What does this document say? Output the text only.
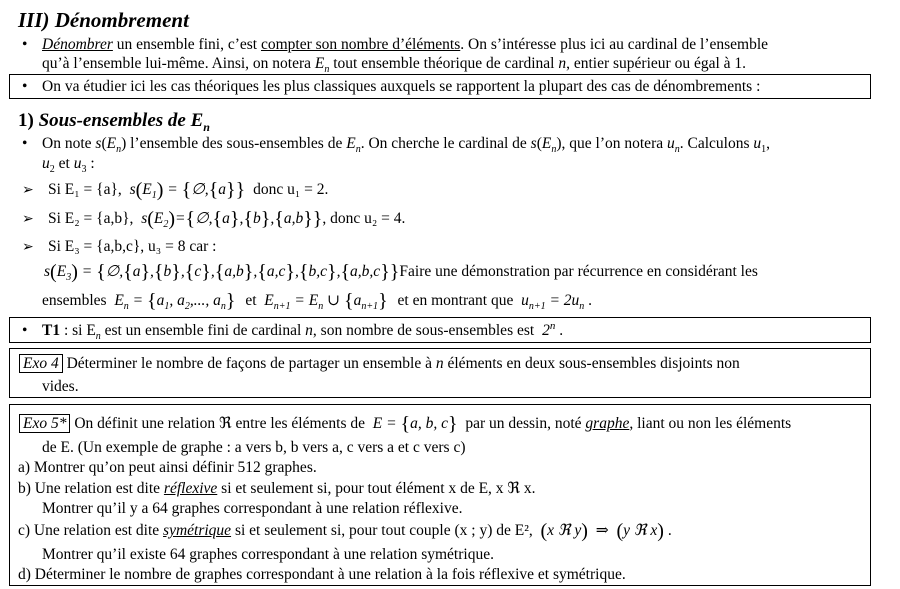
III) Dénombrement
• Dénombrer un ensemble fini, c’est compter son nombre d’éléments. On s’intéresse plus ici au cardinal de l’ensemble
qu’à l’ensemble lui-même. Ainsi, on notera $E_n$ tout ensemble théorique de cardinal n, entier supérieur ou égal à 1.
• On va étudier ici les cas théoriques les plus classiques auxquels se rapportent la plupart des cas de dénombrements :
1) Sous-ensembles de $E_n$
• On note $s(E_n)$ l’ensemble des sous-ensembles de $E_n$. On cherche le cardinal de $s(E_n)$, que l’on notera $u_n$. Calculons $u_1$,
$u_2$ et $u_3$ :
➢ Si E₁ = {a},  $s(E_1)$ = {∅,{a}} donc u₁ = 2.
➢ Si E₂ = {a,b},  $s(E_2)=\{\emptyset,\{a\},\{b\},\{a,b\}\}$, donc u₂ = 4.
➢ Si E₃ = {a,b,c}, u₃ = 8 car :
$s(E_3)$ = {∅,{a},{b},{c},{a,b},{a,c},{b,c},{a,b,c}}Faire une démonstration par récurrence en considérant les
ensembles  $E_n = \{a_1$, $a_2$,..., $a_n$} et  $E_{n+1} = E_n$ ∪ $\{a_{n+1}\}$ et en montrant que  $u_{n+1} = 2u_n$ .
• T1 : si E $_n$ est un ensemble fini de cardinal n, son nombre de sous-ensembles est 2$^n$ .
Exo 4 Déterminer le nombre de façons de partager un ensemble à n éléments en deux sous-ensembles disjoints non
vides.
Exo 5* On définit une relation ℜ entre les éléments de  E = {a, b, c} par un dessin, noté graphe, liant ou non les éléments
de E. (Un exemple de graphe : a vers b, b vers a, c vers a et c vers c)
a) Montrer qu’on peut ainsi définir 512 graphes.
b) Une relation est dite réflexive si et seulement si, pour tout élément x de E, x ℜ x.
Montrer qu’il y a 64 graphes correspondant à une relation réflexive.
c) Une relation est dite symétrique si et seulement si, pour tout couple (x ; y) de E², (x ℜ y)  ⇒  (y ℜ x) .
Montrer qu’il existe 64 graphes correspondant à une relation symétrique.
d) Déterminer le nombre de graphes correspondant à une relation à la fois réflexive et symétrique.
